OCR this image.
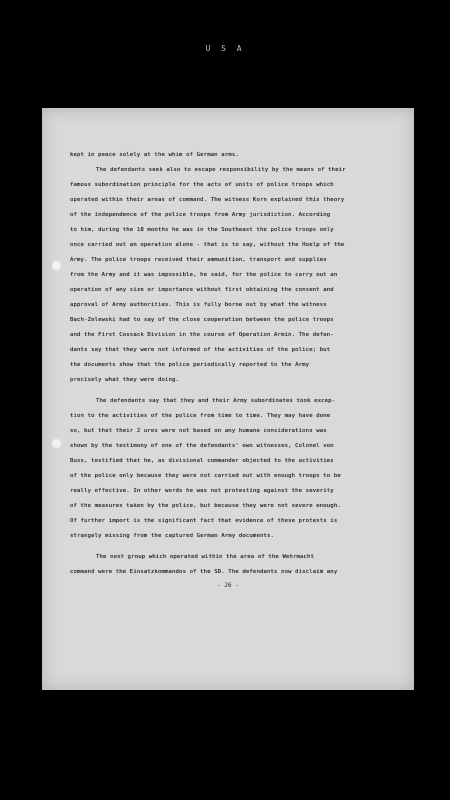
U S A
kept in peace solely at the whim of German arms.
The defendants seek also to escape responsibility by the means of their
famous subordination principle for the acts of units of police troops which
operated within their areas of command. The witness Korn explained this theory
of the independence of the police troops from Army jurisdiction. According
to him, during the 18 months he was in the Southeast the police troops only
once carried out an operation alone - that is to say, without the Hoelp of the
Army. The police troops received their ammunition, transport and supplies
from the Army and it was impossible, he said, for the police to carry out an
operation of any size or importance without first obtaining the consent and
approval of Army authorities. This is fully borne out by what the witness
Bach-Zelewski had to say of the close cooperation between the police troops
and the First Cossack Division in the course of Operation Armin. The defen-
dants say that they were not informed of the activities of the police; but
the documents show that the police periodically reported to the Army
precisely what they were doing.
The defendants say that they and their Army subordinates took excep-
tion to the activities of the police from time to time. They may have done
so, but that their 2 ures were not based on any humane considerations was
shown by the testimony of one of the defendants' own witnesses, Colonel von
Buss, testified that he, as divisional commander objected to the activities
of the police only because they were not carried out with enough troops to be
really effective. In other words he was not protesting against the severity
of the measures taken by the police, but because they were not severe enough.
Of further import is the significant fact that evidence of these protests is
strangely missing from the captured German Army documents.
The next group which operated within the area of the Wehrmacht
command were the Einsatzkommandos of the SD. The defendants now disclaim any
- 26 -
